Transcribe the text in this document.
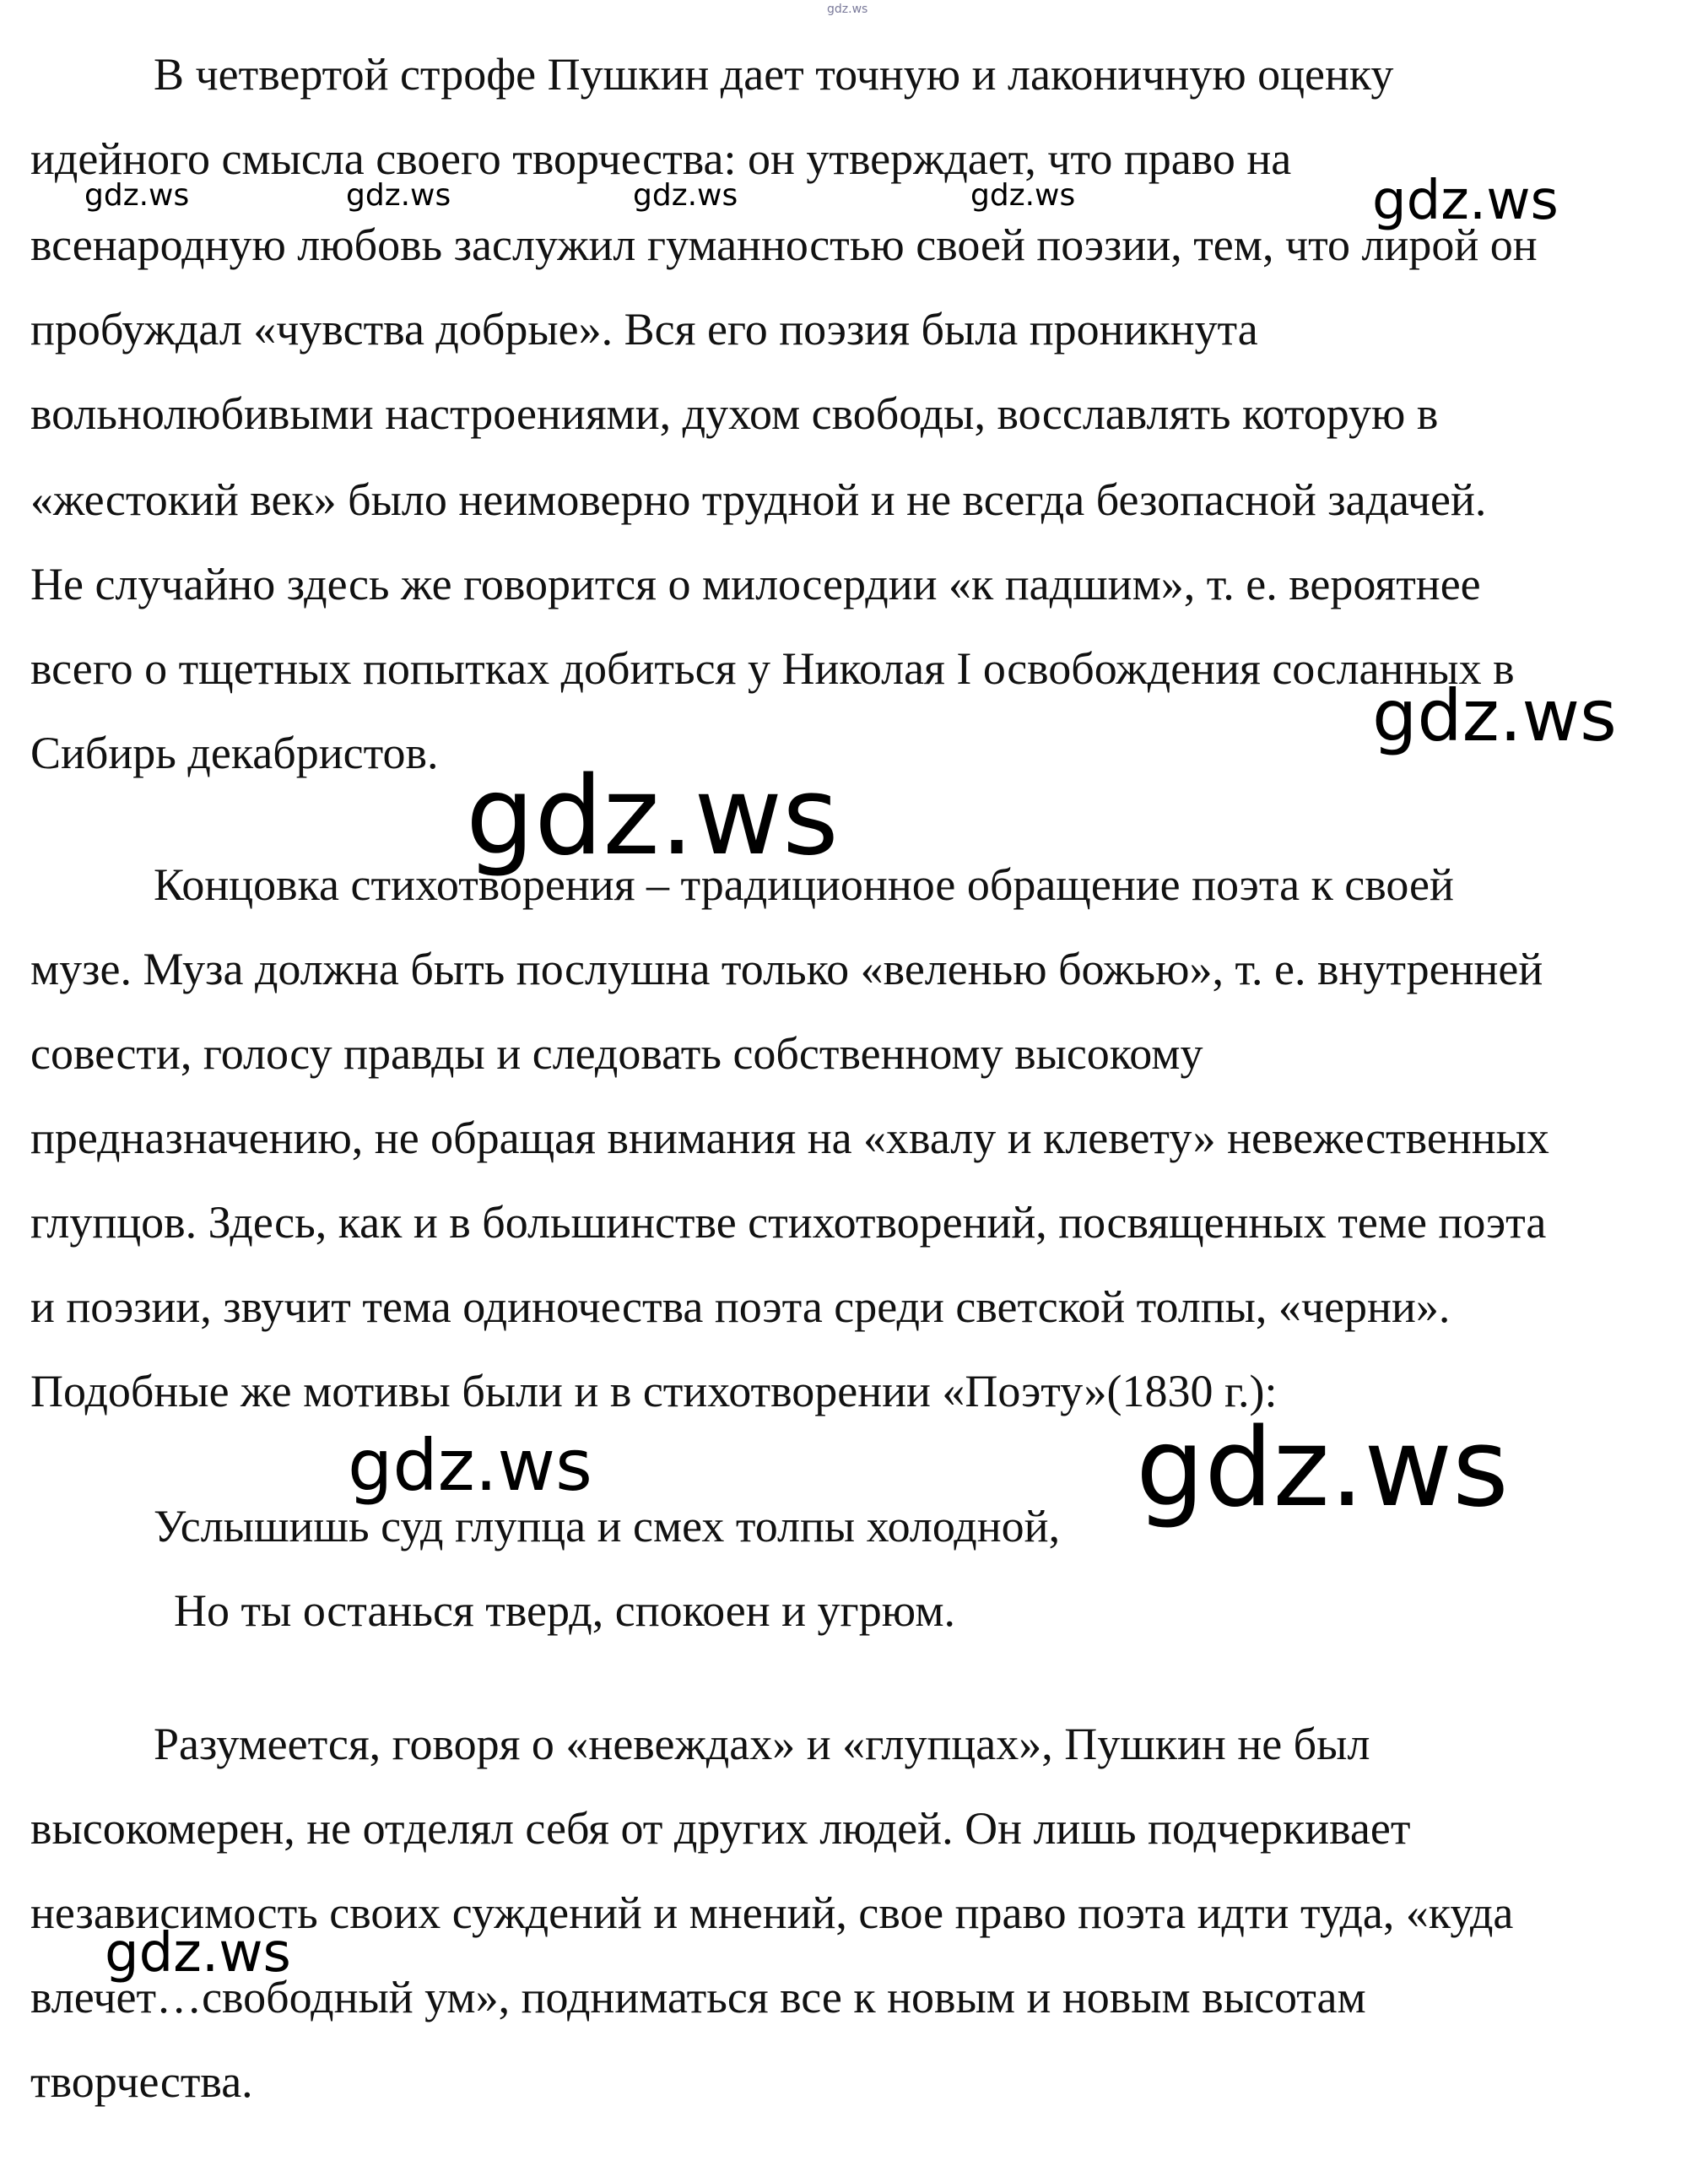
В четвертой строфе Пушкин дает точную и лаконичную оценку

идейного смысла своего творчества: он утверждает, что право на

всенародную любовь заслужил гуманностью своей поэзии, тем, что лирой он

пробуждал «чувства добрые». Вся его поэзия была проникнута

вольнолюбивыми настроениями, духом свободы, восславлять которую в

«жестокий век» было неимоверно трудной и не всегда безопасной задачей.

Не случайно здесь же говорится о милосердии «к падшим», т. е. вероятнее

всего о тщетных попытках добиться у Николая I освобождения сосланных в

Сибирь декабристов.

Концовка стихотворения – традиционное обращение поэта к своей

музе. Муза должна быть послушна только «веленью божью», т. е. внутренней

совести, голосу правды и следовать собственному высокому

предназначению, не обращая внимания на «хвалу и клевету» невежественных

глупцов. Здесь, как и в большинстве стихотворений, посвященных теме поэта

и поэзии, звучит тема одиночества поэта среди светской толпы, «черни».

Подобные же мотивы были и в стихотворении «Поэту»(1830 г.):

Услышишь суд глупца и смех толпы холодной,

Но ты останься тверд, спокоен и угрюм.

Разумеется, говоря о «невеждах» и «глупцах», Пушкин не был

высокомерен, не отделял себя от других людей. Он лишь подчеркивает

независимость своих суждений и мнений, свое право поэта идти туда, «куда

влечет…свободный ум», подниматься все к новым и новым высотам

творчества.

gdz.ws
gdz.ws	gdz.ws	gdz.ws	gdz.ws	gdz.ws
gdz.ws
gdz.ws
gdz.ws	gdz.ws
gdz.ws
